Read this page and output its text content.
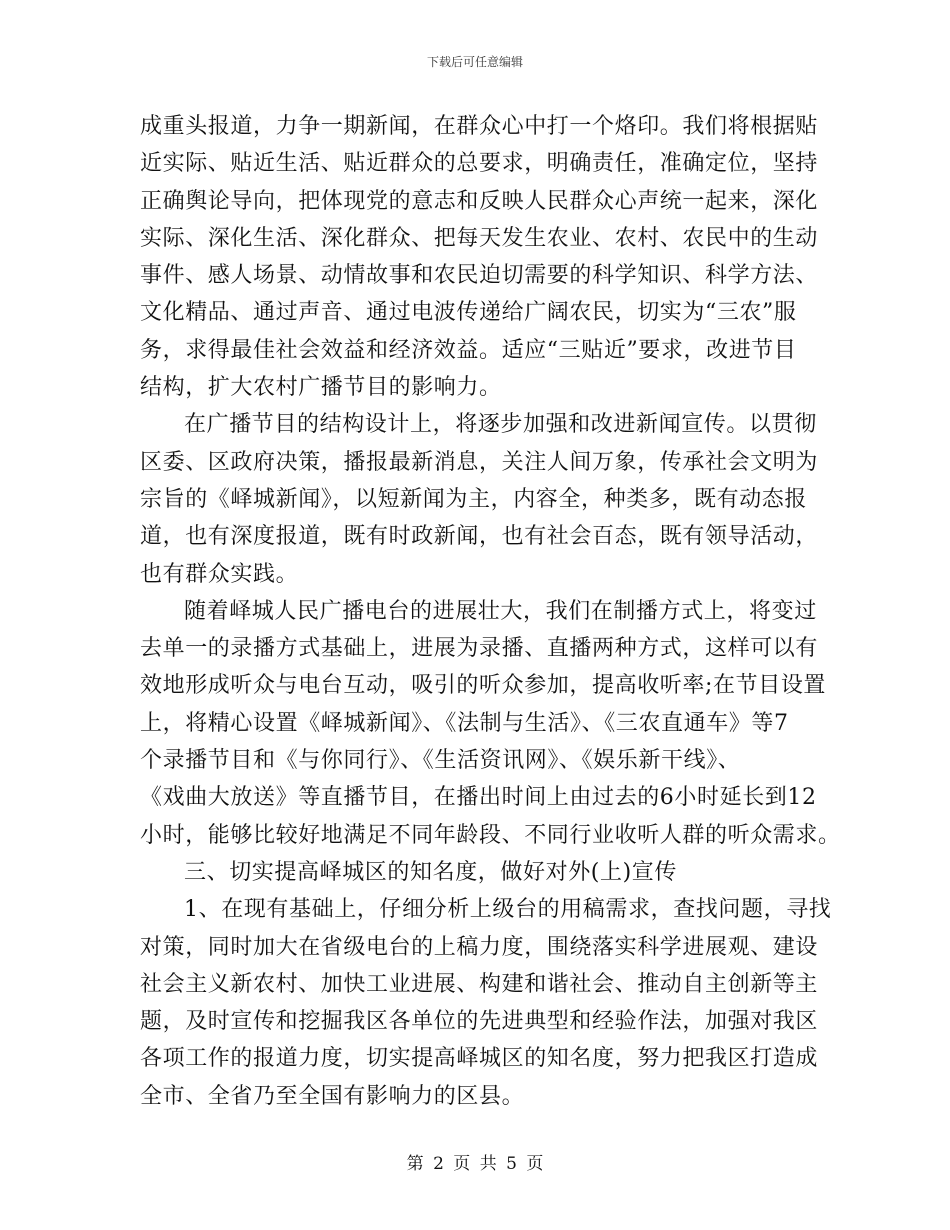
下载后可任意编辑
成重头报道，力争一期新闻，在群众心中打一个烙印。我们将根据贴
近实际、贴近生活、贴近群众的总要求，明确责任，准确定位，坚持
正确舆论导向，把体现党的意志和反映人民群众心声统一起来，深化
实际、深化生活、深化群众、把每天发生农业、农村、农民中的生动
事件、感人场景、动情故事和农民迫切需要的科学知识、科学方法、
文化精品、通过声音、通过电波传递给广阔农民，切实为“三农”服
务，求得最佳社会效益和经济效益。适应“三贴近”要求，改进节目
结构，扩大农村广播节目的影响力。
在广播节目的结构设计上，将逐步加强和改进新闻宣传。以贯彻
区委、区政府决策，播报最新消息，关注人间万象，传承社会文明为
宗旨的《峄城新闻》，以短新闻为主，内容全，种类多，既有动态报
道，也有深度报道，既有时政新闻，也有社会百态，既有领导活动，
也有群众实践。
随着峄城人民广播电台的进展壮大，我们在制播方式上，将变过
去单一的录播方式基础上，进展为录播、直播两种方式，这样可以有
效地形成听众与电台互动，吸引的听众参加，提高收听率;在节目设置
上，将精心设置《峄城新闻》、《法制与生活》、《三农直通车》等7
个录播节目和《与你同行》、《生活资讯网》、《娱乐新干线》、
《戏曲大放送》等直播节目，在播出时间上由过去的6小时延长到12
小时，能够比较好地满足不同年龄段、不同行业收听人群的听众需求。
三、切实提高峄城区的知名度，做好对外(上)宣传
1、在现有基础上，仔细分析上级台的用稿需求，查找问题，寻找
对策，同时加大在省级电台的上稿力度，围绕落实科学进展观、建设
社会主义新农村、加快工业进展、构建和谐社会、推动自主创新等主
题，及时宣传和挖掘我区各单位的先进典型和经验作法，加强对我区
各项工作的报道力度，切实提高峄城区的知名度，努力把我区打造成
全市、全省乃至全国有影响力的区县。
第 2 页 共 5 页
